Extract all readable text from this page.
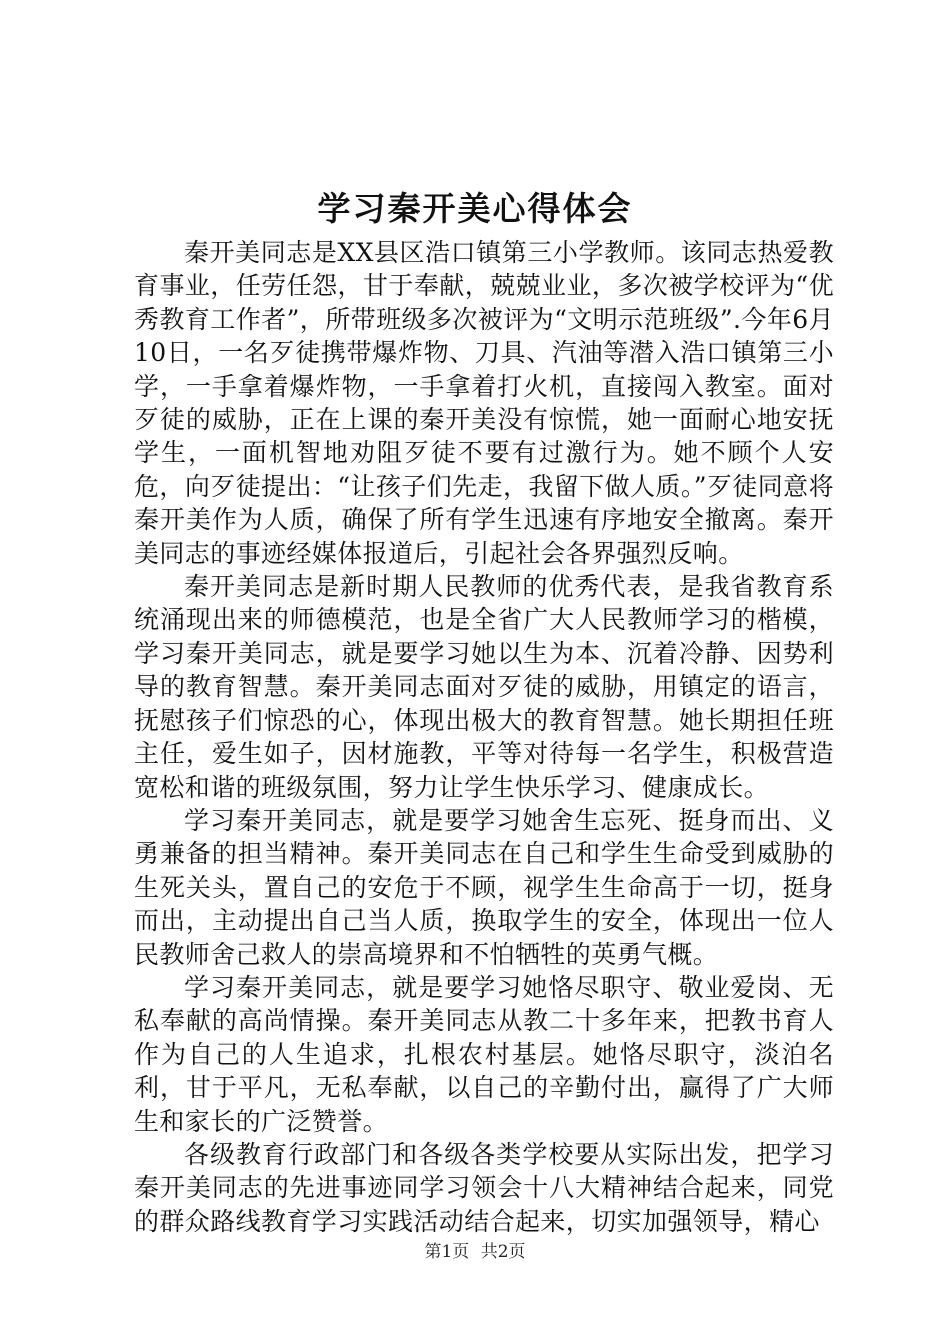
学习秦开美心得体会

秦开美同志是XX县区浩口镇第三小学教师。该同志热爱教育事业，任劳任怨，甘于奉献，兢兢业业，多次被学校评为“优秀教育工作者”，所带班级多次被评为“文明示范班级”.今年6月10日，一名歹徒携带爆炸物、刀具、汽油等潜入浩口镇第三小学，一手拿着爆炸物，一手拿着打火机，直接闯入教室。面对歹徒的威胁，正在上课的秦开美没有惊慌，她一面耐心地安抚学生，一面机智地劝阻歹徒不要有过激行为。她不顾个人安危，向歹徒提出：“让孩子们先走，我留下做人质。”歹徒同意将秦开美作为人质，确保了所有学生迅速有序地安全撤离。秦开美同志的事迹经媒体报道后，引起社会各界强烈反响。

秦开美同志是新时期人民教师的优秀代表，是我省教育系统涌现出来的师德模范，也是全省广大人民教师学习的楷模，学习秦开美同志，就是要学习她以生为本、沉着冷静、因势利导的教育智慧。秦开美同志面对歹徒的威胁，用镇定的语言，抚慰孩子们惊恐的心，体现出极大的教育智慧。她长期担任班主任，爱生如子，因材施教，平等对待每一名学生，积极营造宽松和谐的班级氛围，努力让学生快乐学习、健康成长。

学习秦开美同志，就是要学习她舍生忘死、挺身而出、义勇兼备的担当精神。秦开美同志在自己和学生生命受到威胁的生死关头，置自己的安危于不顾，视学生生命高于一切，挺身而出，主动提出自己当人质，换取学生的安全，体现出一位人民教师舍己救人的崇高境界和不怕牺牲的英勇气概。

学习秦开美同志，就是要学习她恪尽职守、敬业爱岗、无私奉献的高尚情操。秦开美同志从教二十多年来，把教书育人作为自己的人生追求，扎根农村基层。她恪尽职守，淡泊名利，甘于平凡，无私奉献，以自己的辛勤付出，赢得了广大师生和家长的广泛赞誉。

各级教育行政部门和各级各类学校要从实际出发，把学习秦开美同志的先进事迹同学习领会十八大精神结合起来，同党的群众路线教育学习实践活动结合起来，切实加强领导，精心

第1页 共2页
